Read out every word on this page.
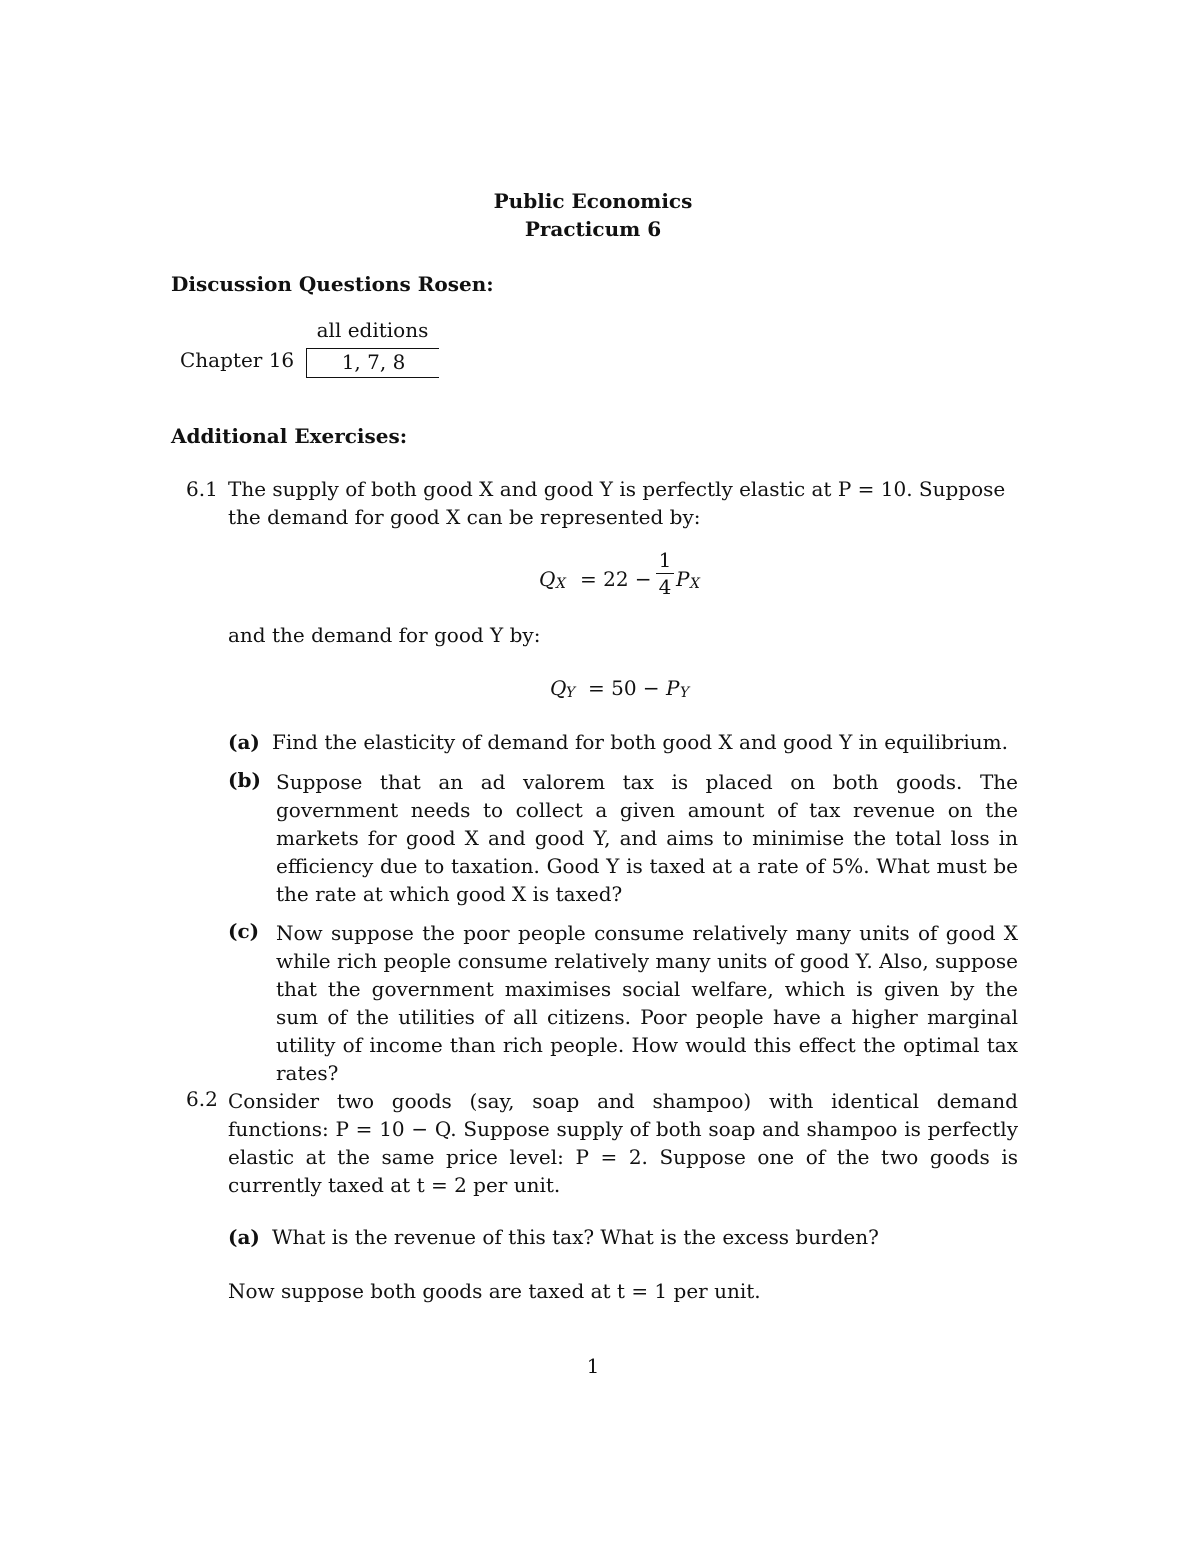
Public Economics
Practicum 6
Discussion Questions Rosen:
all editions
Chapter 16	1, 7, 8
Additional Exercises:
6.1 The supply of both good X and good Y is perfectly elastic at P = 10. Suppose
the demand for good X can be represented by:
Q X = 22 −
1
4 P X
and the demand for good Y by:
Q Y = 50 − P Y
(a) Find the elasticity of demand for both good X and good Y in equilibrium.
(b) Suppose that an ad valorem tax is placed on both goods. The government needs to collect a given amount of tax revenue on the markets for good X and good Y, and aims to minimise the total loss in efficiency due to taxation. Good Y is taxed at a rate of 5%. What must be the rate at which good X is taxed?
(c) Now suppose the poor people consume relatively many units of good X while rich people consume relatively many units of good Y. Also, suppose that the government maximises social welfare, which is given by the sum of the utilities of all citizens. Poor people have a higher marginal utility of income than rich people. How would this effect the optimal tax rates?
6.2 Consider two goods (say, soap and shampoo) with identical demand functions: P = 10 − Q. Suppose supply of both soap and shampoo is perfectly elastic at the same price level: P = 2. Suppose one of the two goods is currently taxed at t = 2 per unit.
(a) What is the revenue of this tax? What is the excess burden?
Now suppose both goods are taxed at t = 1 per unit.
1
